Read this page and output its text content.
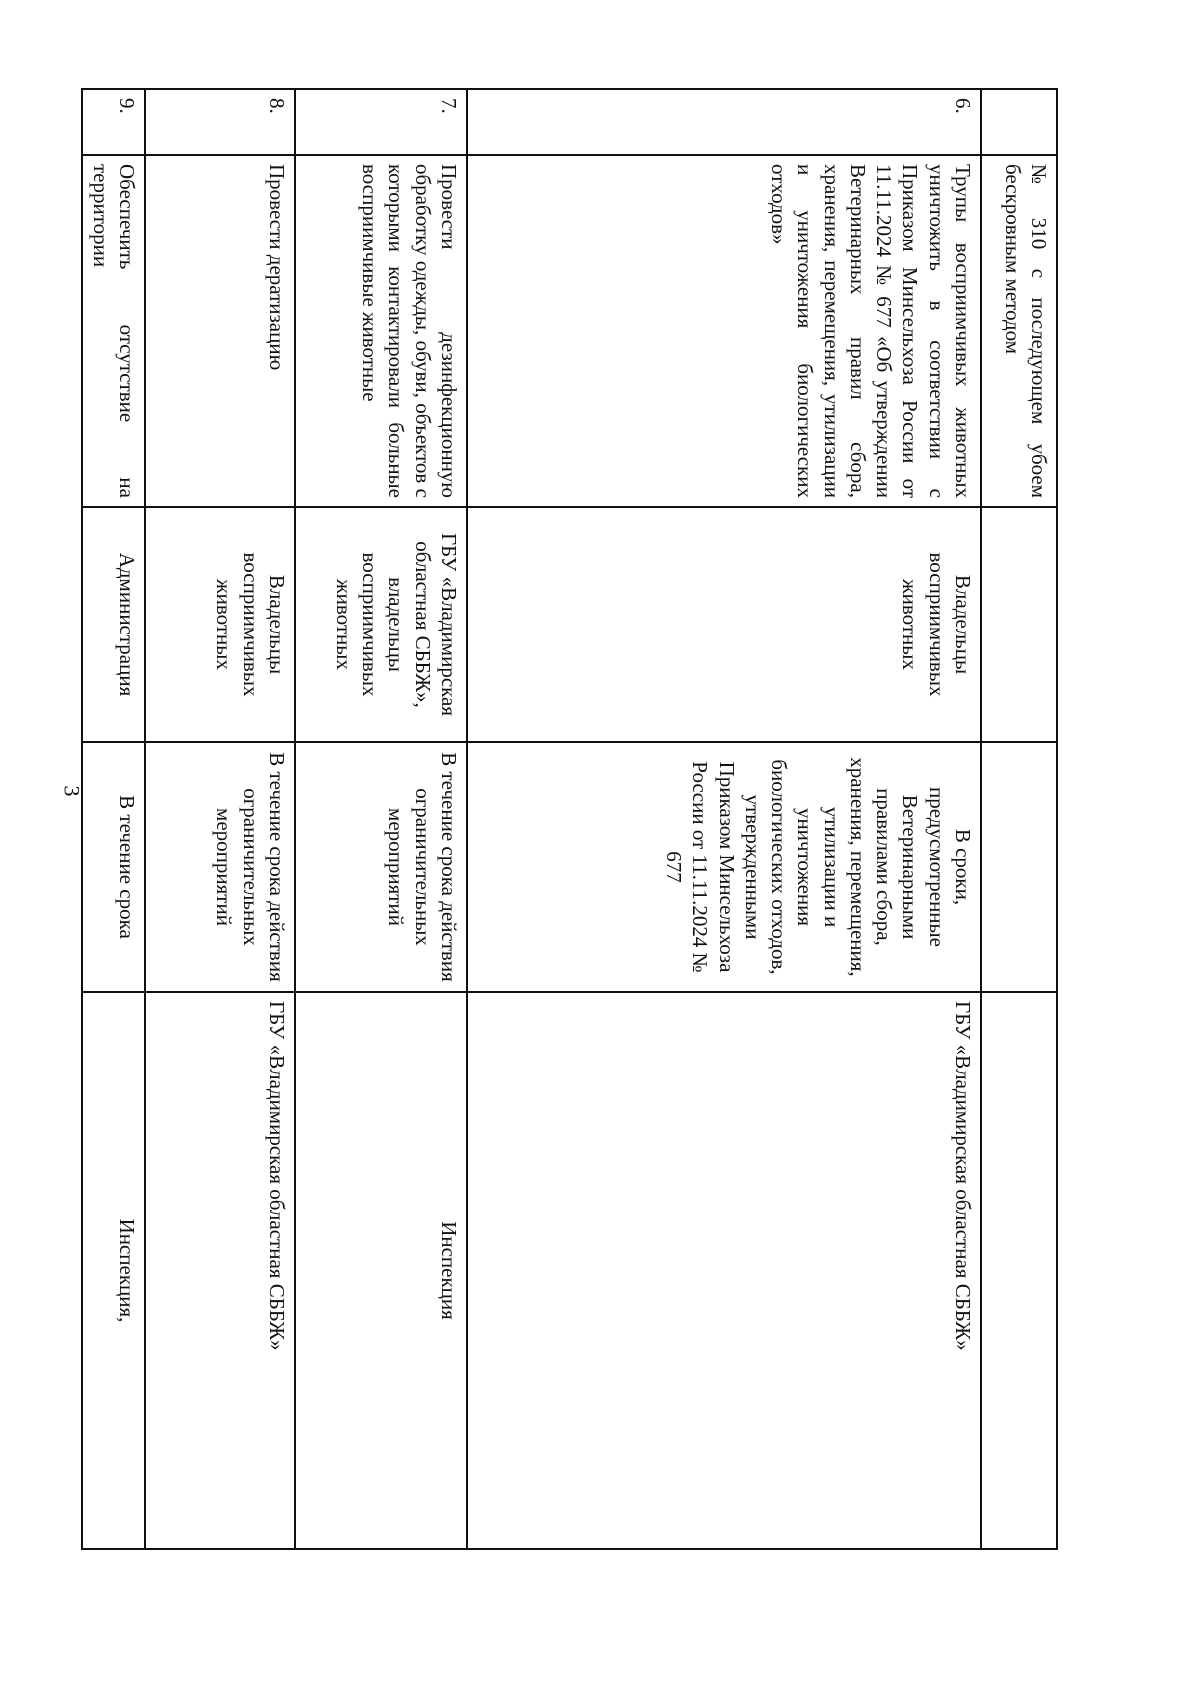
3
	№ 310 с последующем убоем бескровным методом			
6.	Трупы восприимчивых животных уничтожить в соответствии с Приказом Минсельхоза России от 11.11.2024 № 677 «Об утверждении Ветеринарных правил сбора, хранения, перемещения, утилизации и уничтожения биологических отходов»	Владельцы восприимчивых животных	В сроки, предусмотренные Ветеринарными правилами сбора, хранения, перемещения, утилизации и уничтожения биологических отходов, утвержденными Приказом Минсельхоза России от 11.11.2024 № 677	ГБУ «Владимирская областная СББЖ»
7.	Провести дезинфекционную обработку одежды, обуви, объектов с которыми контактировали больные восприимчивые животные	ГБУ «Владимирская областная СББЖ», владельцы восприимчивых животных	В течение срока действия ограничительных мероприятий	Инспекция
8.	Провести дератизацию	Владельцы восприимчивых животных	В течение срока действия ограничительных мероприятий	ГБУ «Владимирская областная СББЖ»
9.	Обеспечить отсутствие на территории	Администрация	В течение срока	Инспекция,
